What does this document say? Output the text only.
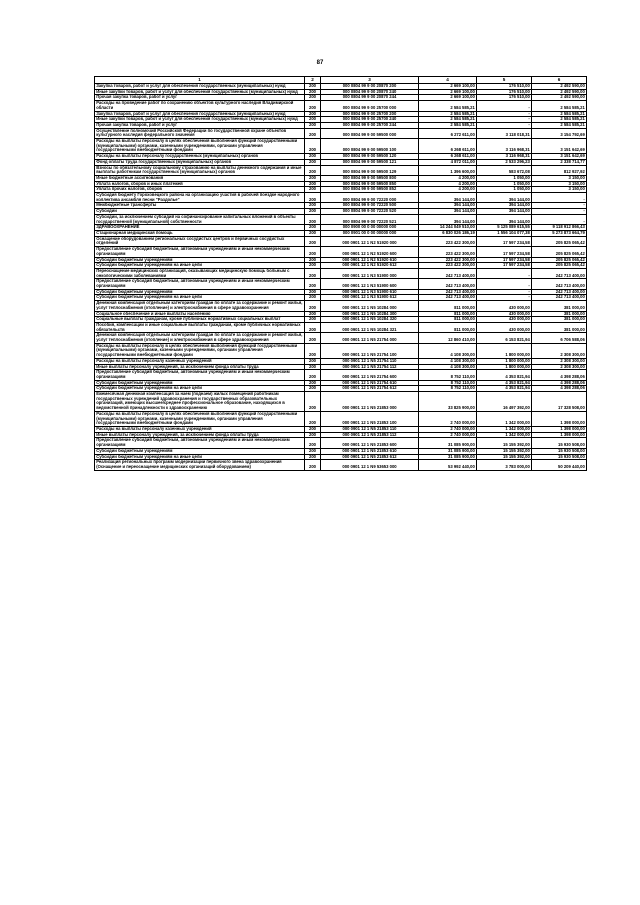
87
1	2	3	4	5	6
Закупка товаров, работ и услуг для обеспечения государственных (муниципальных) нужд	200	000 0804 99 9 00 20870 200	2 669 100,00	176 510,00	2 492 590,00
Иные закупки товаров, работ и услуг для обеспечения государственных (муниципальных) нужд	200	000 0804 99 9 00 20870 240	2 669 100,00	176 510,00	2 492 590,00
Прочая закупка товаров, работ и услуг	200	000 0804 99 9 00 20870 244	2 669 100,00	176 510,00	2 492 590,00
Расходы на проведение работ по сохранению объектов культурного наследия Владимирской области	200	000 0804 99 9 00 25700 000	2 584 585,21	-	2 584 585,21
Закупка товаров, работ и услуг для обеспечения государственных (муниципальных) нужд	200	000 0804 99 9 00 25700 200	2 584 585,21	-	2 584 585,21
Иные закупки товаров, работ и услуг для обеспечения государственных (муниципальных) нужд	200	000 0804 99 9 00 25700 240	2 584 585,21	-	2 584 585,21
Прочая закупка товаров, работ и услуг	200	000 0804 99 9 00 25700 244	2 584 585,21	-	2 584 585,21
Осуществление полномочий Российской Федерации по государственной охране объектов культурного наследия федерального значения	200	000 0804 99 9 00 59500 000	6 272 611,00	3 118 018,31	3 154 792,69
Расходы на выплаты персоналу в целях обеспечения выполнения функций государственными (муниципальными) органами, казенными учреждениями, органами управления государственными внебюджетными фондами	200	000 0804 99 9 00 59500 100	6 268 611,00	3 116 968,31	3 151 642,69
Расходы на выплаты персоналу государственных (муниципальных) органов	200	000 0804 99 9 00 59500 120	6 268 611,00	3 116 968,31	3 151 642,69
Фонд оплаты труда государственных (муниципальных) органов	200	000 0804 99 9 00 59500 121	4 872 011,00	2 533 296,23	2 338 714,77
Взносы по обязательному социальному страхованию на выплаты денежного содержания и иные выплаты работникам государственных (муниципальных) органов	200	000 0804 99 9 00 59500 129	1 396 600,00	583 672,08	812 927,92
Иные бюджетные ассигнования	200	000 0804 99 9 00 59500 800	4 200,00	1 050,00	3 150,00
Уплата налогов, сборов и иных платежей	200	000 0804 99 9 00 59500 850	4 200,00	1 050,00	3 150,00
Уплата прочих налогов, сборов	200	000 0804 99 9 00 59500 852	4 200,00	1 050,00	3 150,00
Субсидия бюджету Гороховецкого района на организацию участия в рабочей поездке народного коллектива ансамбля песни "Раздолье"	200	000 0804 99 9 00 72220 000	394 144,00	394 144,00	-
Межбюджетные трансферты	200	000 0804 99 9 00 72220 500	394 144,00	394 144,00	-
Субсидии	200	000 0804 99 9 00 72220 520	394 144,00	394 144,00	-
Субсидии, за исключением субсидий на софинансирование капитальных вложений в объекты государственной (муниципальной) собственности	200	000 0804 99 9 00 72220 521	394 144,00	394 144,00	-
ЗДРАВООХРАНЕНИЕ	200	000 0900 00 0 00 00000 000	14 244 049 510,00	5 125 089 615,55	9 118 912 866,43
Стационарная медицинская помощь	200	000 0901 00 0 00 00000 000	6 830 026 186,19	1 556 104 077,38	5 273 873 664,79
Оснащение оборудованием региональных сосудистых центров и первичных сосудистых отделений	200	000 0901 12 1 N2 51920 000	223 422 300,00	17 597 234,58	205 825 065,42
Предоставление субсидий бюджетным, автономным учреждениям и иным некоммерческим организациям	200	000 0901 12 1 N2 51920 600	223 422 300,00	17 597 234,58	205 825 065,42
Субсидии бюджетным учреждениям	200	000 0901 12 1 N2 51920 610	223 422 300,00	17 597 234,58	205 825 065,42
Субсидии бюджетным учреждениям на иные цели	200	000 0901 12 1 N2 51920 612	223 422 300,00	17 597 234,58	205 825 065,42
Переоснащение медицинских организаций, оказывающих медицинскую помощь больным с онкологическими заболеваниями	200	000 0901 12 1 N3 51900 000	242 713 400,00	-	242 713 400,00
Предоставление субсидий бюджетным, автономным учреждениям и иным некоммерческим организациям	200	000 0901 12 1 N3 51900 600	242 713 400,00	-	242 713 400,00
Субсидии бюджетным учреждениям	200	000 0901 12 1 N3 51900 610	242 713 400,00	-	242 713 400,00
Субсидии бюджетным учреждениям на иные цели	200	000 0901 12 1 N3 51900 612	242 713 400,00	-	242 713 400,00
Денежная компенсация отдельным категориям граждан по оплате за содержание и ремонт жилья, услуг теплоснабжения (отопление) и электроснабжения в сфере здравоохранения	200	000 0901 12 1 N5 10284 000	811 000,00	430 000,00	381 000,00
Социальное обеспечение и иные выплаты населению	200	000 0901 12 1 N5 10284 300	811 000,00	430 000,00	381 000,00
Социальные выплаты гражданам, кроме публичных нормативных социальных выплат	200	000 0901 12 1 N5 10284 320	811 000,00	430 000,00	381 000,00
Пособия, компенсации и иные социальные выплаты гражданам, кроме публичных нормативных обязательств	200	000 0901 12 1 N5 10284 321	811 000,00	430 000,00	381 000,00
Денежная компенсация отдельным категориям граждан по оплате за содержание и ремонт жилья, услуг теплоснабжения (отопление) и электроснабжения в сфере здравоохранения	200	000 0901 12 1 N5 21754 000	12 860 410,00	6 153 821,94	6 706 588,06
Расходы на выплаты персоналу в целях обеспечения выполнения функций государственными (муниципальными) органами, казенными учреждениями, органами управления государственными внебюджетными фондами	200	000 0901 12 1 N5 21754 100	4 108 300,00	1 800 000,00	2 308 300,00
Расходы на выплаты персоналу казенных учреждений	200	000 0901 12 1 N5 21754 110	4 108 300,00	1 800 000,00	2 308 300,00
Иные выплаты персоналу учреждений, за исключением фонда оплаты труда	200	000 0901 12 1 N5 21754 112	4 108 300,00	1 800 000,00	2 308 300,00
Предоставление субсидий бюджетным, автономным учреждениям и иным некоммерческим организациям	200	000 0901 12 1 N5 21754 600	8 752 110,00	4 353 821,94	4 398 288,06
Субсидии бюджетным учреждениям	200	000 0901 12 1 N5 21754 610	8 752 110,00	4 353 821,94	4 398 288,06
Субсидии бюджетным учреждениям на иные цели	200	000 0901 12 1 N5 21754 612	8 752 110,00	4 353 821,94	4 398 288,06
Ежемесячная денежная компенсация за наем (поднаем) жилых помещений работникам государственных учреждений здравоохранения и государственных образовательных организаций, имеющих высшее/среднее профессиональное образование, находящихся в ведомственной принадлежности к здравоохранению	200	000 0901 12 1 N5 21853 000	33 825 900,00	16 497 392,00	17 328 508,00
Расходы на выплаты персоналу в целях обеспечения выполнения функций государственными (муниципальными) органами, казенными учреждениями, органами управления государственными внебюджетными фондами	200	000 0901 12 1 N5 21853 100	2 740 000,00	1 342 000,00	1 398 000,00
Расходы на выплаты персоналу казенных учреждений	200	000 0901 12 1 N5 21853 110	2 740 000,00	1 342 000,00	1 398 000,00
Иные выплаты персоналу учреждений, за исключением фонда оплаты труда	200	000 0901 12 1 N5 21853 112	2 740 000,00	1 342 000,00	1 398 000,00
Предоставление субсидий бюджетным, автономным учреждениям и иным некоммерческим организациям	200	000 0901 12 1 N5 21853 600	31 085 900,00	15 155 392,00	15 930 508,00
Субсидии бюджетным учреждениям	200	000 0901 12 1 N5 21853 610	31 085 900,00	15 155 392,00	15 930 508,00
Субсидии бюджетным учреждениям на иные цели	200	000 0901 12 1 N5 21853 612	31 085 900,00	15 155 392,00	15 930 508,00
Реализация региональных программ модернизации первичного звена здравоохранения (Оснащение и переоснащение медицинских организаций оборудованием)	200	000 0901 12 1 N9 53653 000	53 992 440,00	3 783 000,00	50 209 440,00
